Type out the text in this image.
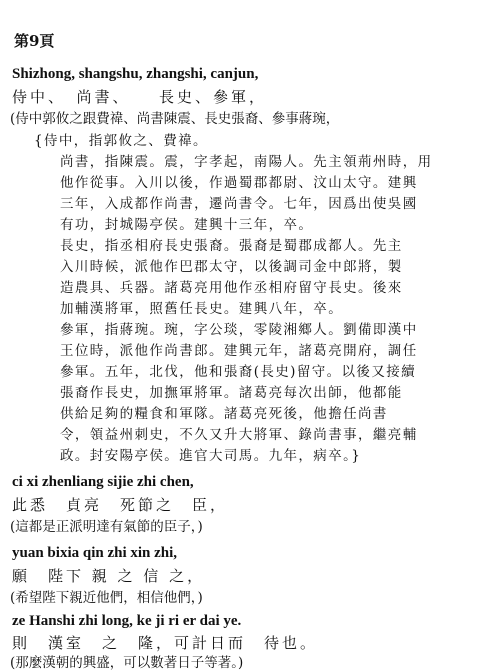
第9頁
Shizhong, shangshu, zhangshi, canjun,
侍中、　尚書、　　長史、參軍，
(侍中郭攸之跟費禕、尚書陳震、長史張裔、參事蔣琬，
{侍中，指郭攸之、費禕。
尚書，指陳震。震，字孝起，南陽人。先主領荊州時，用
他作從事。入川以後，作過蜀郡都尉、汶山太守。建興
三年，入成都作尚書，遷尚書令。七年，因爲出使吳國
有功，封城陽亭侯。建興十三年，卒。
長史，指丞相府長史張裔。張裔是蜀郡成都人。先主
入川時候，派他作巴郡太守，以後調司金中郎將，製
造農具、兵器。諸葛亮用他作丞相府留守長史。後來
加輔漢將軍，照舊任長史。建興八年，卒。
參軍，指蔣琬。琬，字公琰，零陵湘鄉人。劉備即漢中
王位時，派他作尚書郎。建興元年，諸葛亮開府，調任
參軍。五年，北伐，他和張裔(長史)留守。以後又接續
張裔作長史，加撫軍將軍。諸葛亮每次出師，他都能
供給足夠的糧食和軍隊。諸葛亮死後，他擔任尚書
令，領益州刺史，不久又升大將軍、錄尚書事，繼亮輔
政。封安陽亭侯。進官大司馬。九年，病卒。}
ci xi zhenliang sijie zhi chen,
此悉　貞亮　死節之　臣，
(這都是正派明達有氣節的臣子，)
yuan bixia qin zhi xin zhi,
願　陛下 親 之 信 之，
(希望陛下親近他們，相信他們，)
ze Hanshi zhi long, ke ji ri er dai ye.
則　漢室　之　隆，可計日而　待也。
(那麼漢朝的興盛，可以數著日子等著。)
